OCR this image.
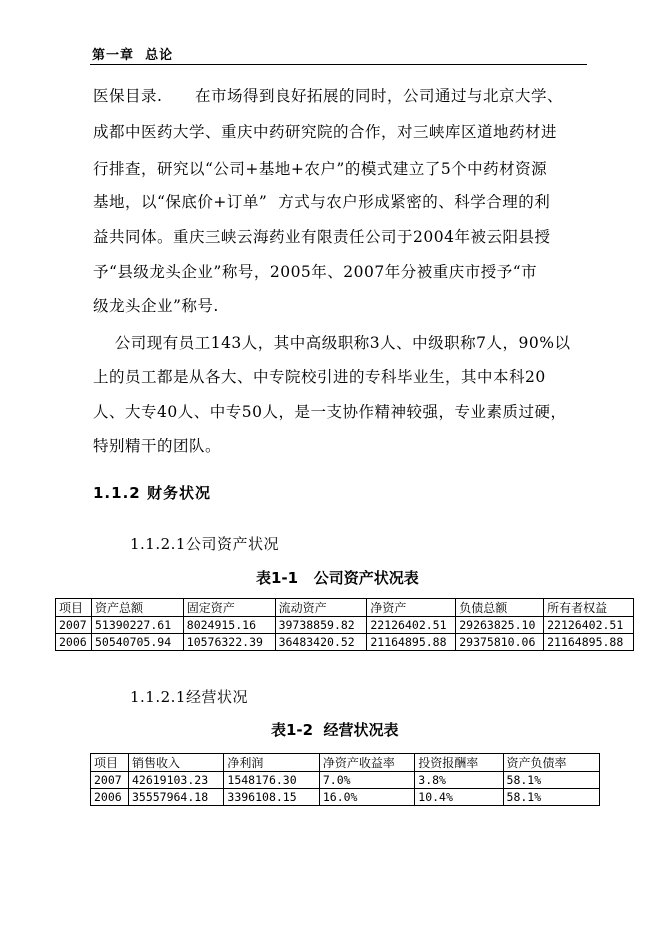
第一章 总论
医保目录.      在市场得到良好拓展的同时，公司通过与北京大学、
成都中医药大学、重庆中药研究院的合作，对三峡库区道地药材进
行排查，研究以“公司+基地+农户”的模式建立了5个中药材资源
基地，以“保底价+订单”  方式与农户形成紧密的、科学合理的利
益共同体。重庆三峡云海药业有限责任公司于2004年被云阳县授
予“县级龙头企业”称号，2005年、2007年分被重庆市授予“市
级龙头企业”称号.
公司现有员工143人，其中高级职称3人、中级职称7人，90%以
上的员工都是从各大、中专院校引进的专科毕业生，其中本科20
人、大专40人、中专50人，是一支协作精神较强，专业素质过硬，
特别精干的团队。
1.1.2 财务状况
1.1.2.1公司资产状况
表1-1   公司资产状况表
项目	资产总额	固定资产	流动资产	净资产	负债总额	所有者权益
2007	51390227.61	8024915.16	39738859.82	22126402.51	29263825.10	22126402.51
2006	50540705.94	10576322.39	36483420.52	21164895.88	29375810.06	21164895.88
1.1.2.1经营状况
表1-2  经营状况表
项目	销售收入	净利润	净资产收益率	投资报酬率	资产负债率
2007	42619103.23	1548176.30	7.0%	3.8%	58.1%
2006	35557964.18	3396108.15	16.0%	10.4%	58.1%
